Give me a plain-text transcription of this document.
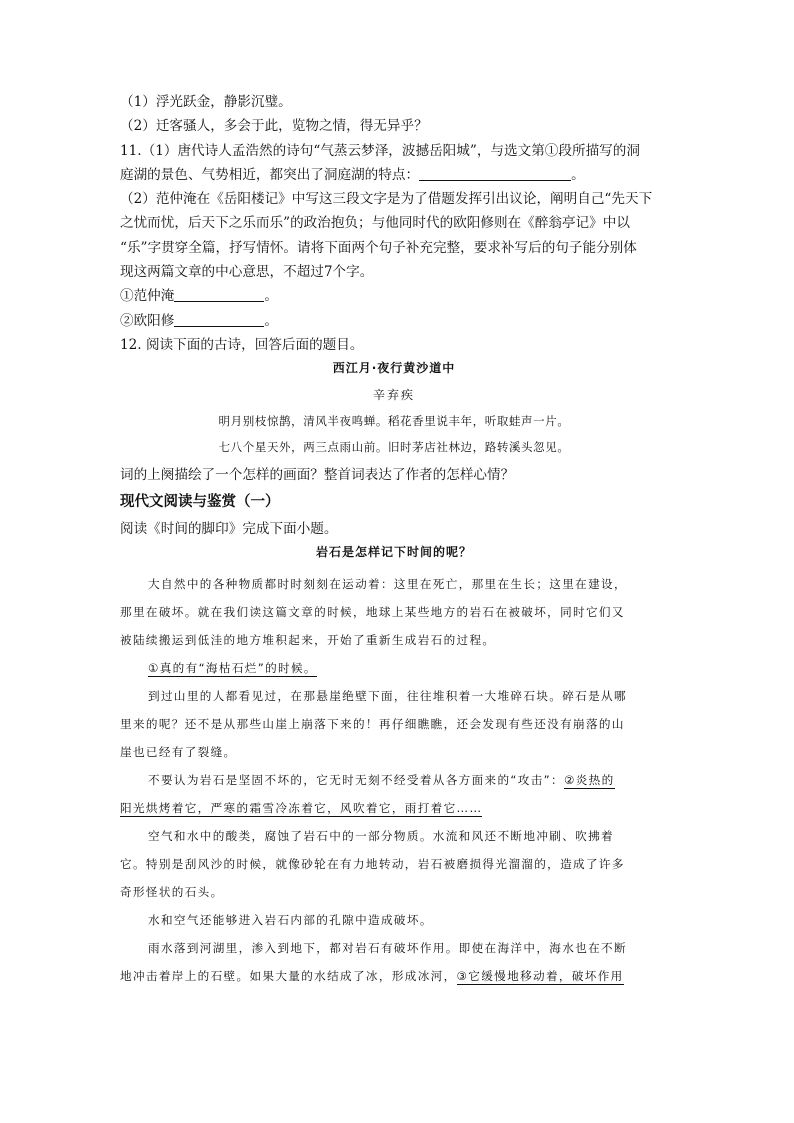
（1）浮光跃金，静影沉璧。

（2）迁客骚人，多会于此，览物之情，得无异乎？

11.（1）唐代诗人孟浩然的诗句“气蒸云梦泽，波撼岳阳城”，与选文第①段所描写的洞

庭湖的景色、气势相近，都突出了洞庭湖的特点：	。

（2）范仲淹在《岳阳楼记》中写这三段文字是为了借题发挥引出议论，阐明自己“先天下

之忧而忧，后天下之乐而乐”的政治抱负；与他同时代的欧阳修则在《醉翁亭记》中以

“乐”字贯穿全篇，抒写情怀。请将下面两个句子补充完整，要求补写后的句子能分别体

现这两篇文章的中心意思，不超过7个字。

①范仲淹	。

②欧阳修	。

12. 阅读下面的古诗，回答后面的题目。

西江月·夜行黄沙道中

辛弃疾

明月别枝惊鹊，清风半夜鸣蝉。稻花香里说丰年，听取蛙声一片。

七八个星天外，两三点雨山前。旧时茅店社林边，路转溪头忽见。

词的上阕描绘了一个怎样的画面？整首词表达了作者的怎样心情？

现代文阅读与鉴赏（一）

阅读《时间的脚印》完成下面小题。

岩石是怎样记下时间的呢？

大自然中的各种物质都时时刻刻在运动着：这里在死亡，那里在生长；这里在建设，

那里在破坏。就在我们读这篇文章的时候，地球上某些地方的岩石在被破坏，同时它们又

被陆续搬运到低洼的地方堆积起来，开始了重新生成岩石的过程。

①真的有“海枯石烂”的时候。

到过山里的人都看见过，在那悬崖绝壁下面，往往堆积着一大堆碎石块。碎石是从哪

里来的呢？还不是从那些山崖上崩落下来的！再仔细瞧瞧，还会发现有些还没有崩落的山

崖也已经有了裂缝。

不要认为岩石是坚固不坏的，它无时无刻不经受着从各方面来的“攻击”：②炎热的

阳光烘烤着它，严寒的霜雪冷冻着它，风吹着它，雨打着它……

空气和水中的酸类，腐蚀了岩石中的一部分物质。水流和风还不断地冲刷、吹拂着

它。特别是刮风沙的时候，就像砂轮在有力地转动，岩石被磨损得光溜溜的，造成了许多

奇形怪状的石头。

水和空气还能够进入岩石内部的孔隙中造成破坏。

雨水落到河湖里，渗入到地下，都对岩石有破坏作用。即使在海洋中，海水也在不断

地冲击着岸上的石壁。如果大量的水结成了冰，形成冰河，③它缓慢地移动着，破坏作用
